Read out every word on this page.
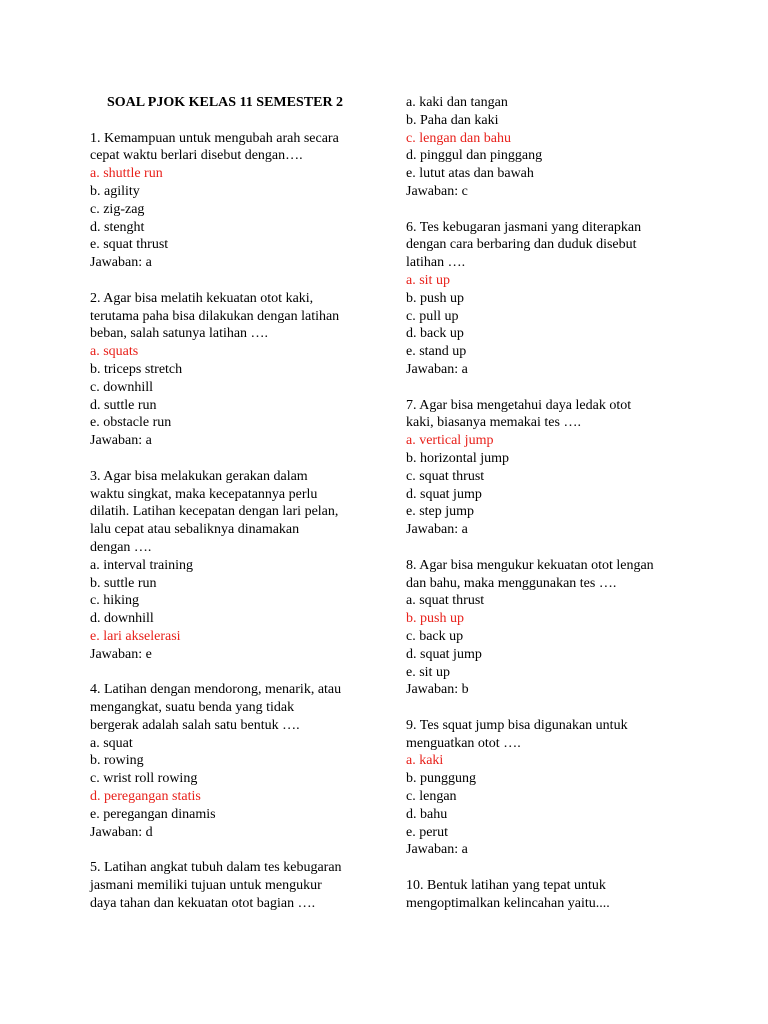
SOAL PJOK KELAS 11 SEMESTER 2

1. Kemampuan untuk mengubah arah secara

cepat waktu berlari disebut dengan….

a. shuttle run

b. agility

c. zig-zag

d. stenght

e. squat thrust

Jawaban: a

2. Agar bisa melatih kekuatan otot kaki,

terutama paha bisa dilakukan dengan latihan

beban, salah satunya latihan ….

a. squats

b. triceps stretch

c. downhill

d. suttle run

e. obstacle run

Jawaban: a

3. Agar bisa melakukan gerakan dalam

waktu singkat, maka kecepatannya perlu

dilatih. Latihan kecepatan dengan lari pelan,

lalu cepat atau sebaliknya dinamakan

dengan ….

a. interval training

b. suttle run

c. hiking

d. downhill

e. lari akselerasi

Jawaban: e

4. Latihan dengan mendorong, menarik, atau

mengangkat, suatu benda yang tidak

bergerak adalah salah satu bentuk ….

a. squat

b. rowing

c. wrist roll rowing

d. peregangan statis

e. peregangan dinamis

Jawaban: d

5. Latihan angkat tubuh dalam tes kebugaran

jasmani memiliki tujuan untuk mengukur

daya tahan dan kekuatan otot bagian ….

a. kaki dan tangan

b. Paha dan kaki

c. lengan dan bahu

d. pinggul dan pinggang

e. lutut atas dan bawah

Jawaban: c

6. Tes kebugaran jasmani yang diterapkan

dengan cara berbaring dan duduk disebut

latihan ….

a. sit up

b. push up

c. pull up

d. back up

e. stand up

Jawaban: a

7. Agar bisa mengetahui daya ledak otot

kaki, biasanya memakai tes ….

a. vertical jump

b. horizontal jump

c. squat thrust

d. squat jump

e. step jump

Jawaban: a

8. Agar bisa mengukur kekuatan otot lengan

dan bahu, maka menggunakan tes ….

a. squat thrust

b. push up

c. back up

d. squat jump

e. sit up

Jawaban: b

9. Tes squat jump bisa digunakan untuk

menguatkan otot ….

a. kaki

b. punggung

c. lengan

d. bahu

e. perut

Jawaban: a

10. Bentuk latihan yang tepat untuk

mengoptimalkan kelincahan yaitu....
